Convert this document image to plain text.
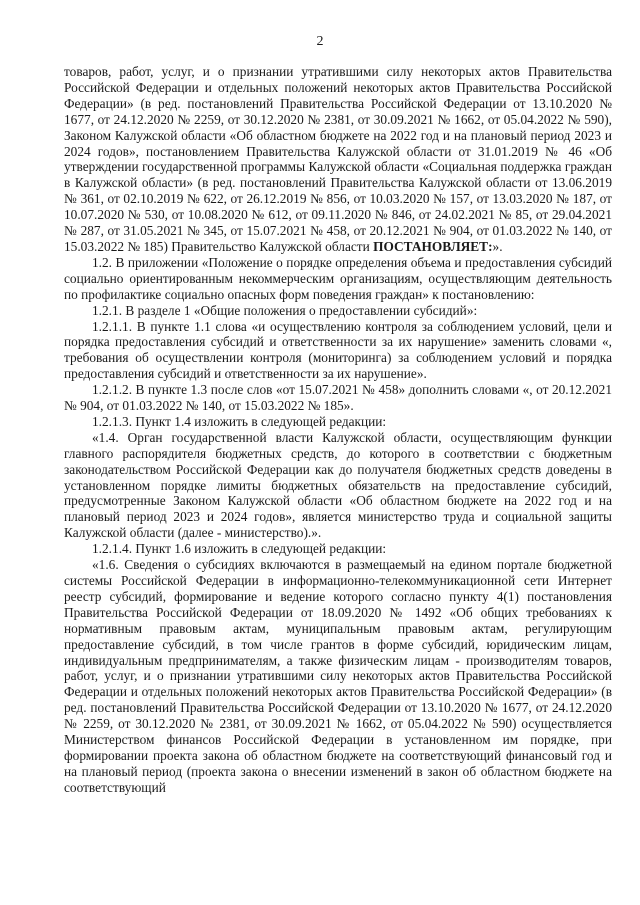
2

товаров, работ, услуг, и о признании утратившими силу некоторых актов Правительства Российской Федерации и отдельных положений некоторых актов Правительства Российской Федерации» (в ред. постановлений Правительства Российской Федерации от 13.10.2020 № 1677, от 24.12.2020 № 2259, от 30.12.2020 № 2381, от 30.09.2021 № 1662, от 05.04.2022 № 590), Законом Калужской области «Об областном бюджете на 2022 год и на плановый период 2023 и 2024 годов», постановлением Правительства Калужской области от 31.01.2019 № 46 «Об утверждении государственной программы Калужской области «Социальная поддержка граждан в Калужской области» (в ред. постановлений Правительства Калужской области от 13.06.2019 № 361, от 02.10.2019 № 622, от 26.12.2019 № 856, от 10.03.2020 № 157, от 13.03.2020 № 187, от 10.07.2020 № 530, от 10.08.2020 № 612, от 09.11.2020 № 846, от 24.02.2021 № 85, от 29.04.2021 № 287, от 31.05.2021 № 345, от 15.07.2021 № 458, от 20.12.2021 № 904, от 01.03.2022 № 140, от 15.03.2022 № 185) Правительство Калужской области ПОСТАНОВЛЯЕТ:».

1.2. В приложении «Положение о порядке определения объема и предоставления субсидий социально ориентированным некоммерческим организациям, осуществляющим деятельность по профилактике социально опасных форм поведения граждан» к постановлению:

1.2.1. В разделе 1 «Общие положения о предоставлении субсидий»:

1.2.1.1. В пункте 1.1 слова «и осуществлению контроля за соблюдением условий, цели и порядка предоставления субсидий и ответственности за их нарушение» заменить словами «, требования об осуществлении контроля (мониторинга) за соблюдением условий и порядка предоставления субсидий и ответственности за их нарушение».

1.2.1.2. В пункте 1.3 после слов «от 15.07.2021 № 458» дополнить словами «, от 20.12.2021 № 904, от 01.03.2022 № 140, от 15.03.2022 № 185».

1.2.1.3. Пункт 1.4 изложить в следующей редакции:

«1.4. Орган государственной власти Калужской области, осуществляющим функции главного распорядителя бюджетных средств, до которого в соответствии с бюджетным законодательством Российской Федерации как до получателя бюджетных средств доведены в установленном порядке лимиты бюджетных обязательств на предоставление субсидий, предусмотренные Законом Калужской области «Об областном бюджете на 2022 год и на плановый период 2023 и 2024 годов», является министерство труда и социальной защиты Калужской области (далее - министерство).».

1.2.1.4. Пункт 1.6 изложить в следующей редакции:

«1.6. Сведения о субсидиях включаются в размещаемый на едином портале бюджетной системы Российской Федерации в информационно-телекоммуникационной сети Интернет реестр субсидий, формирование и ведение которого согласно пункту 4(1) постановления Правительства Российской Федерации от 18.09.2020 № 1492 «Об общих требованиях к нормативным правовым актам, муниципальным правовым актам, регулирующим предоставление субсидий, в том числе грантов в форме субсидий, юридическим лицам, индивидуальным предпринимателям, а также физическим лицам - производителям товаров, работ, услуг, и о признании утратившими силу некоторых актов Правительства Российской Федерации и отдельных положений некоторых актов Правительства Российской Федерации» (в ред. постановлений Правительства Российской Федерации от 13.10.2020 № 1677, от 24.12.2020 № 2259, от 30.12.2020 № 2381, от 30.09.2021 № 1662, от 05.04.2022 № 590) осуществляется Министерством финансов Российской Федерации в установленном им порядке, при формировании проекта закона об областном бюджете на соответствующий финансовый год и на плановый период (проекта закона о внесении изменений в закон об областном бюджете на соответствующий
